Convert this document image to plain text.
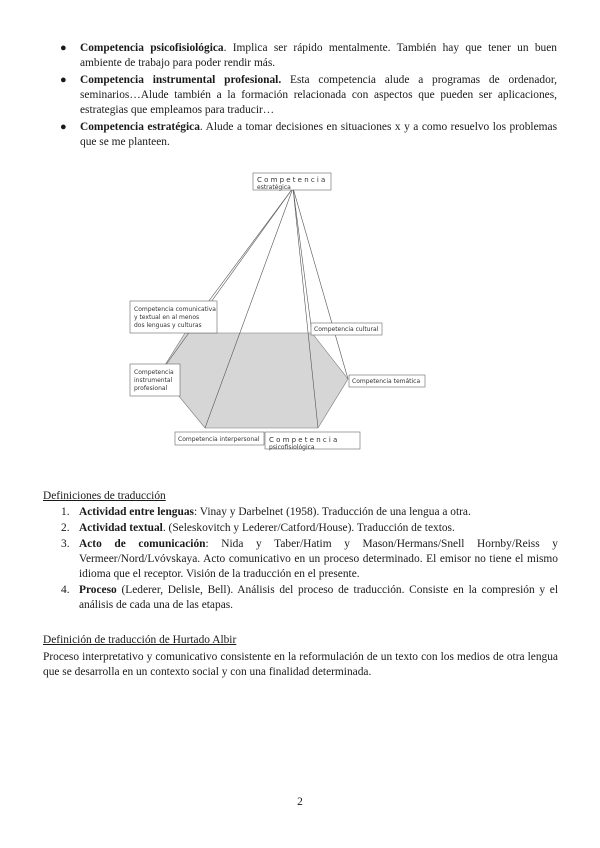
● Competencia psicofisiológica. Implica ser rápido mentalmente. También hay que tener un buen ambiente de trabajo para poder rendir más.
● Competencia instrumental profesional. Esta competencia alude a programas de ordenador, seminarios…Alude también a la formación relacionada con aspectos que pueden ser aplicaciones, estrategias que empleamos para traducir…
● Competencia estratégica. Alude a tomar decisiones en situaciones x y a como resuelvo los problemas que se me planteen.
Competencia
estratégica
Competencia comunicativa
y textual en al menos
dos lenguas y culturas
Competencia cultural
Competencia
instrumental
profesional
Competencia temática
Competencia interpersonal Competencia
psicofisiológica
Definiciones de traducción
1. Actividad entre lenguas: Vinay y Darbelnet (1958). Traducción de una lengua a otra.
2. Actividad textual. (Seleskovitch y Lederer/Catford/House). Traducción de textos.
3. Acto de comunicación: Nida y Taber/Hatim y Mason/Hermans/Snell Hornby/Reiss y Vermeer/Nord/Lvóvskaya. Acto comunicativo en un proceso determinado. El emisor no tiene el mismo idioma que el receptor. Visión de la traducción en el presente.
4. Proceso (Lederer, Delisle, Bell). Análisis del proceso de traducción. Consiste en la compresión y el análisis de cada una de las etapas.
Definición de traducción de Hurtado Albir
Proceso interpretativo y comunicativo consistente en la reformulación de un texto con los medios de otra lengua que se desarrolla en un contexto social y con una finalidad determinada.
2
